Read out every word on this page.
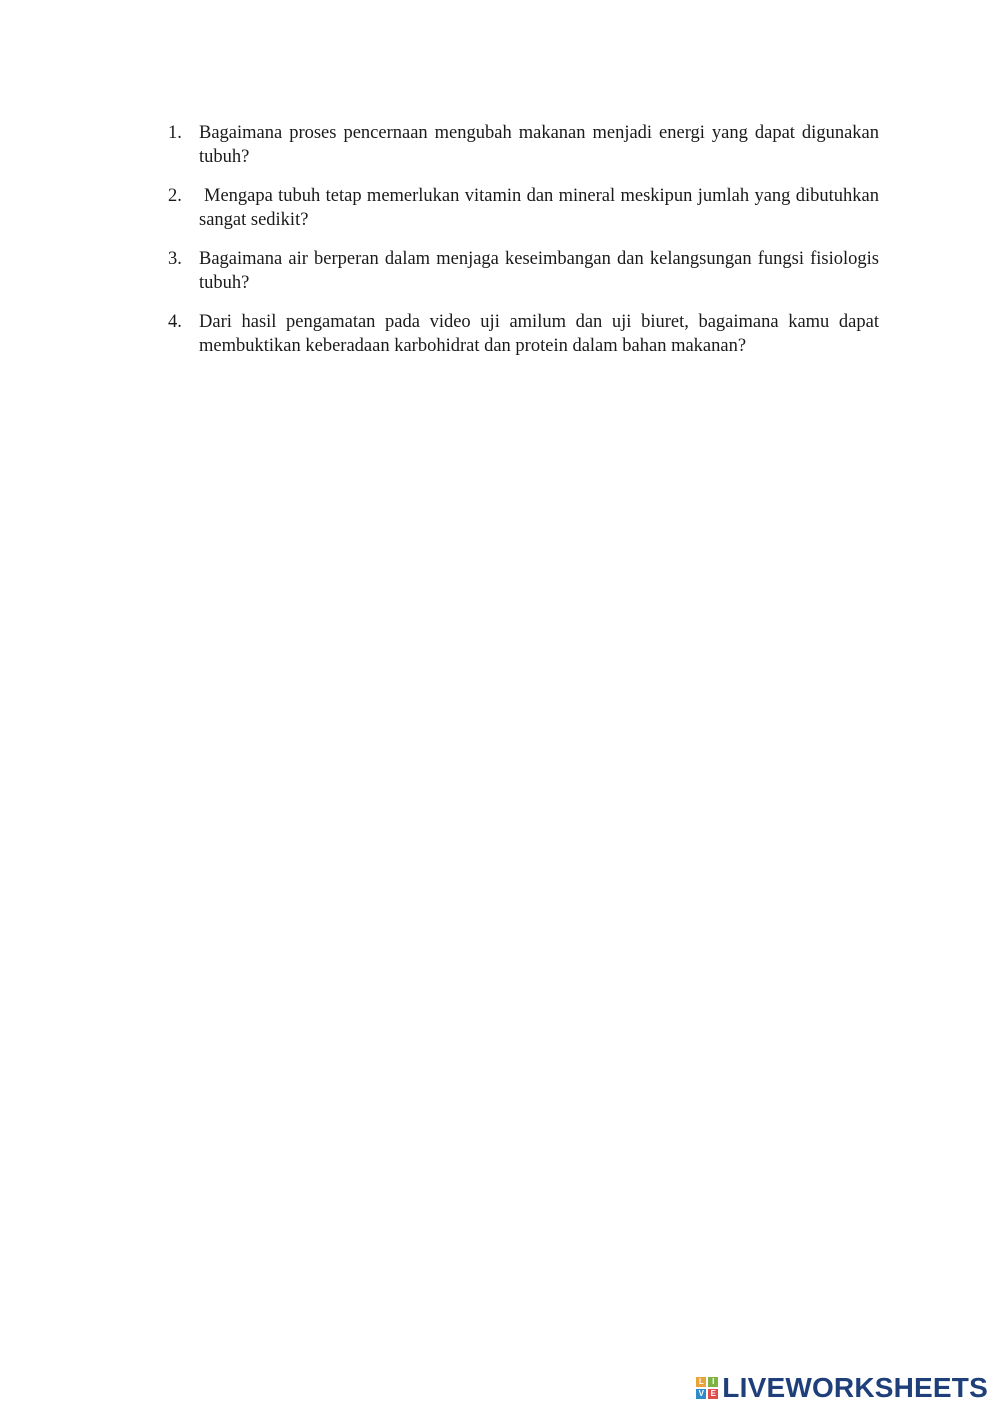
1. Bagaimana proses pencernaan mengubah makanan menjadi energi yang dapat digunakan tubuh?
2. Mengapa tubuh tetap memerlukan vitamin dan mineral meskipun jumlah yang dibutuhkan sangat sedikit?
3. Bagaimana air berperan dalam menjaga keseimbangan dan kelangsungan fungsi fisiologis tubuh?
4. Dari hasil pengamatan pada video uji amilum dan uji biuret, bagaimana kamu dapat membuktikan keberadaan karbohidrat dan protein dalam bahan makanan?
L	I
V E LIVEWORKSHEETS
